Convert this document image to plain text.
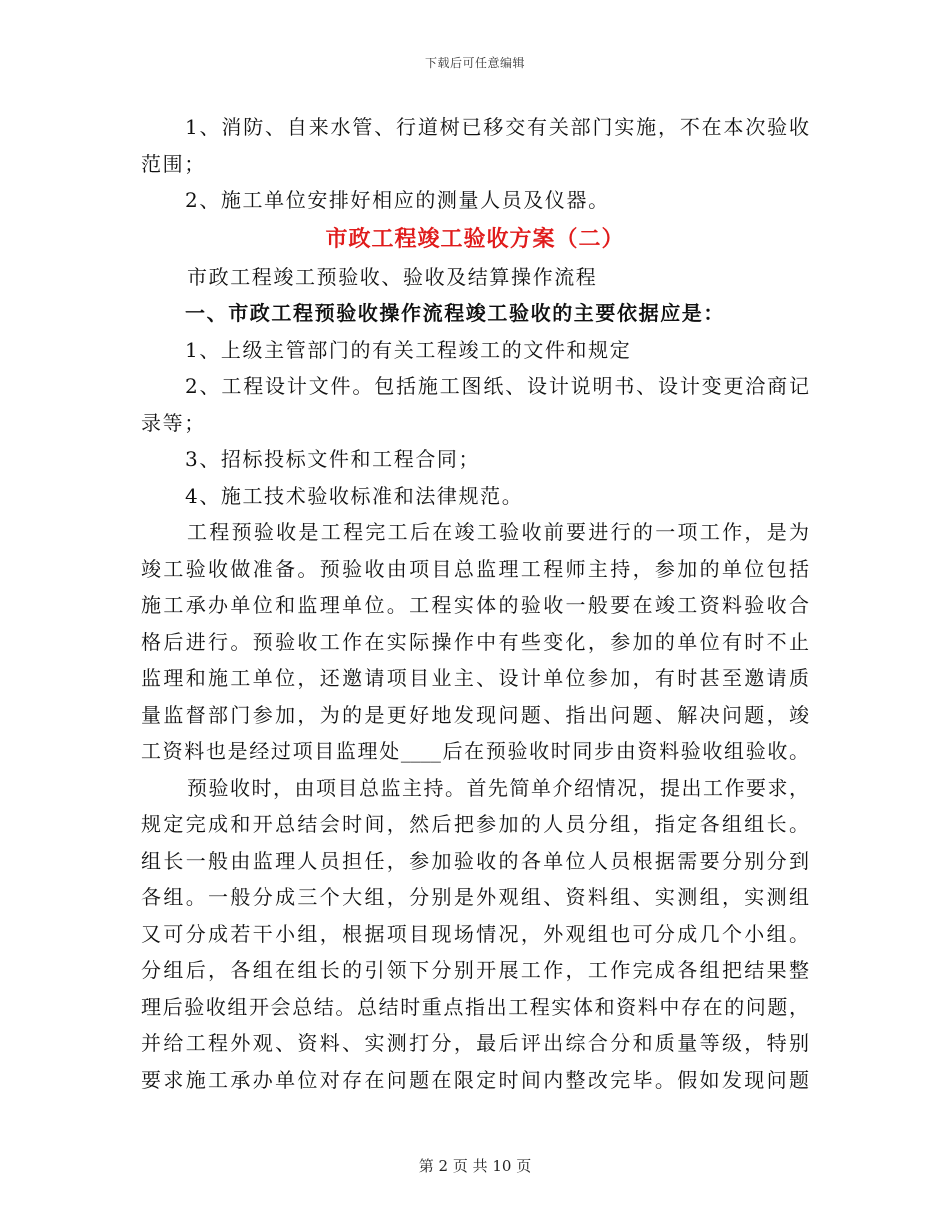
下载后可任意编辑
1、消防、自来水管、行道树已移交有关部门实施，不在本次验收
范围；
2、施工单位安排好相应的测量人员及仪器。
市政工程竣工验收方案（二）
市政工程竣工预验收、验收及结算操作流程
一、市政工程预验收操作流程竣工验收的主要依据应是：
1、上级主管部门的有关工程竣工的文件和规定
2、工程设计文件。包括施工图纸、设计说明书、设计变更洽商记
录等；
3、招标投标文件和工程合同；
4、施工技术验收标准和法律规范。
工程预验收是工程完工后在竣工验收前要进行的一项工作，是为
竣工验收做准备。预验收由项目总监理工程师主持，参加的单位包括
施工承办单位和监理单位。工程实体的验收一般要在竣工资料验收合
格后进行。预验收工作在实际操作中有些变化，参加的单位有时不止
监理和施工单位，还邀请项目业主、设计单位参加，有时甚至邀请质
量监督部门参加，为的是更好地发现问题、指出问题、解决问题，竣
工资料也是经过项目监理处____后在预验收时同步由资料验收组验收。
预验收时，由项目总监主持。首先简单介绍情况，提出工作要求，
规定完成和开总结会时间，然后把参加的人员分组，指定各组组长。
组长一般由监理人员担任，参加验收的各单位人员根据需要分别分到
各组。一般分成三个大组，分别是外观组、资料组、实测组，实测组
又可分成若干小组，根据项目现场情况，外观组也可分成几个小组。
分组后，各组在组长的引领下分别开展工作，工作完成各组把结果整
理后验收组开会总结。总结时重点指出工程实体和资料中存在的问题，
并给工程外观、资料、实测打分，最后评出综合分和质量等级，特别
要求施工承办单位对存在问题在限定时间内整改完毕。假如发现问题
第 2 页 共 10 页
